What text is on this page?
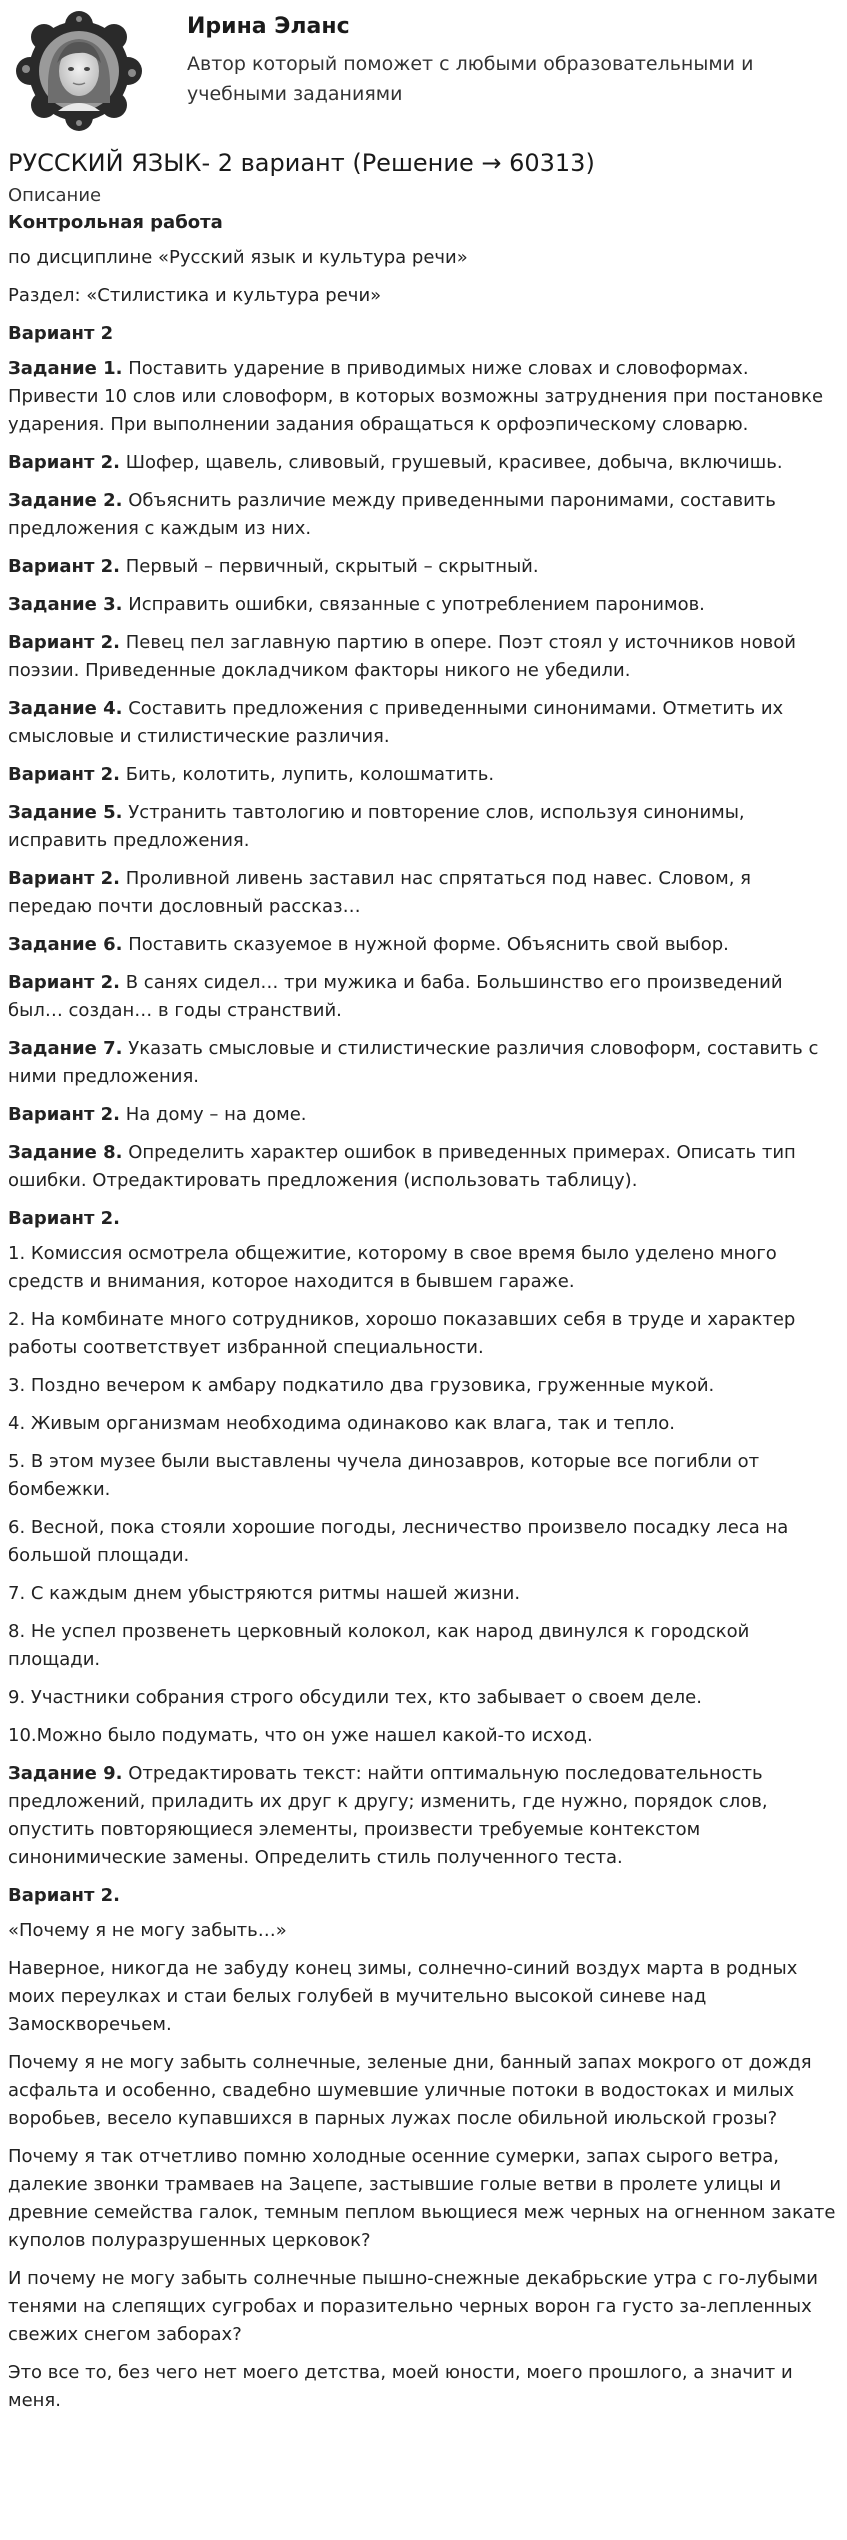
Ирина Эланс
Автор который поможет с любыми образовательными и учебными заданиями
РУССКИЙ ЯЗЫК- 2 вариант (Решение → 60313)
Описание

Контрольная работа

по дисциплине «Русский язык и культура речи»

Раздел: «Стилистика и культура речи»

Вариант 2

Задание 1. Поставить ударение в приводимых ниже словах и словоформах. Привести 10 слов или словоформ, в которых возможны затруднения при постановке ударения. При выполнении задания обращаться к орфоэпическому словарю.

Вариант 2. Шофер, щавель, сливовый, грушевый, красивее, добыча, включишь.

Задание 2. Объяснить различие между приведенными паронимами, составить предложения с каждым из них.

Вариант 2. Первый – первичный, скрытый – скрытный.

Задание 3. Исправить ошибки, связанные с употреблением паронимов.

Вариант 2. Певец пел заглавную партию в опере. Поэт стоял у источников новой поэзии. Приведенные докладчиком факторы никого не убедили.

Задание 4. Составить предложения с приведенными синонимами. Отметить их смысловые и стилистические различия.

Вариант 2. Бить, колотить, лупить, колошматить.

Задание 5. Устранить тавтологию и повторение слов, используя синонимы, исправить предложения.

Вариант 2. Проливной ливень заставил нас спрятаться под навес. Словом, я передаю почти дословный рассказ…

Задание 6. Поставить сказуемое в нужной форме. Объяснить свой выбор.

Вариант 2. В санях сидел… три мужика и баба. Большинство его произведений был… создан… в годы странствий.

Задание 7. Указать смысловые и стилистические различия словоформ, составить с ними предложения.

Вариант 2. На дому – на доме.

Задание 8. Определить характер ошибок в приведенных примерах. Описать тип ошибки. Отредактировать предложения (использовать таблицу).

Вариант 2.

1. Комиссия осмотрела общежитие, которому в свое время было уделено много средств и внимания, которое находится в бывшем гараже.

2. На комбинате много сотрудников, хорошо показавших себя в труде и характер работы соответствует избранной специальности.

3. Поздно вечером к амбару подкатило два грузовика, груженные мукой.

4. Живым организмам необходима одинаково как влага, так и тепло.

5. В этом музее были выставлены чучела динозавров, которые все погибли от бомбежки.

6. Весной, пока стояли хорошие погоды, лесничество произвело посадку леса на большой площади.

7. С каждым днем убыстряются ритмы нашей жизни.

8. Не успел прозвенеть церковный колокол, как народ двинулся к городской площади.

9. Участники собрания строго обсудили тех, кто забывает о своем деле.

10.Можно было подумать, что он уже нашел какой-то исход.

Задание 9. Отредактировать текст: найти оптимальную последовательность предложений, приладить их друг к другу; изменить, где нужно, порядок слов, опустить повторяющиеся элементы, произвести требуемые контекстом синонимические замены. Определить стиль полученного теста.

Вариант 2.

«Почему я не могу забыть…»

Наверное, никогда не забуду конец зимы, солнечно-синий воздух марта в родных моих переулках и стаи белых голубей в мучительно высокой синеве над Замоскворечьем.

Почему я не могу забыть солнечные, зеленые дни, банный запах мокрого от дождя асфальта и особенно, свадебно шумевшие уличные потоки в водостоках и милых воробьев, весело купавшихся в парных лужах после обильной июльской грозы?

Почему я так отчетливо помню холодные осенние сумерки, запах сырого ветра, далекие звонки трамваев на Зацепе, застывшие голые ветви в пролете улицы и древние семейства галок, темным пеплом вьющиеся меж черных на огненном закате куполов полуразрушенных церковок?

И почему не могу забыть солнечные пышно-снежные декабрьские утра с го-лубыми тенями на слепящих сугробах и поразительно черных ворон га густо за-лепленных свежих снегом заборах?

Это все то, без чего нет моего детства, моей юности, моего прошлого, а значит и меня.
